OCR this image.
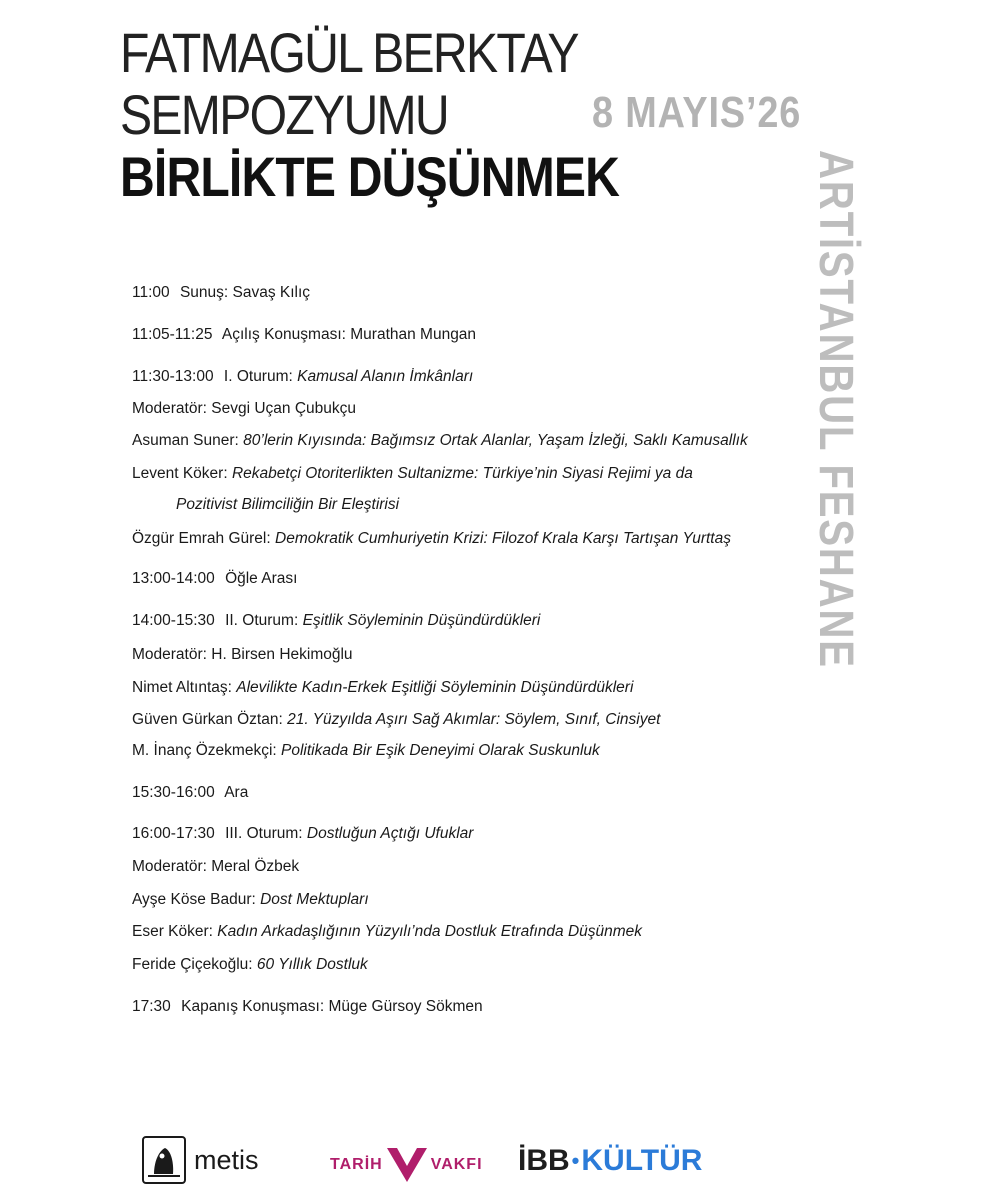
FATMAGÜL BERKTAY
SEMPOZYUMU
BİRLİKTE DÜŞÜNMEK
8 MAYIS’26
ARTİSTANBUL FESHANE
11:00 Sunuş: Savaş Kılıç
11:05-11:25 Açılış Konuşması: Murathan Mungan
11:30-13:00 I. Oturum: Kamusal Alanın İmkânları
Moderatör: Sevgi Uçan Çubukçu
Asuman Suner: 80’lerin Kıyısında: Bağımsız Ortak Alanlar, Yaşam İzleği, Saklı Kamusallık
Levent Köker: Rekabetçi Otoriterlikten Sultanizme: Türkiye’nin Siyasi Rejimi ya da
Pozitivist Bilimciliğin Bir Eleştirisi
Özgür Emrah Gürel: Demokratik Cumhuriyetin Krizi: Filozof Krala Karşı Tartışan Yurttaş
13:00-14:00 Öğle Arası
14:00-15:30 II. Oturum: Eşitlik Söyleminin Düşündürdükleri
Moderatör: H. Birsen Hekimoğlu
Nimet Altıntaş: Alevilikte Kadın-Erkek Eşitliği Söyleminin Düşündürdükleri
Güven Gürkan Öztan: 21. Yüzyılda Aşırı Sağ Akımlar: Söylem, Sınıf, Cinsiyet
M. İnanç Özekmekçi: Politikada Bir Eşik Deneyimi Olarak Suskunluk
15:30-16:00 Ara
16:00-17:30 III. Oturum: Dostluğun Açtığı Ufuklar
Moderatör: Meral Özbek
Ayşe Köse Badur: Dost Mektupları
Eser Köker: Kadın Arkadaşlığının Yüzyılı’nda Dostluk Etrafında Düşünmek
Feride Çiçekoğlu: 60 Yıllık Dostluk
17:30 Kapanış Konuşması: Müge Gürsoy Sökmen
metis	TARİH	VAKFI İBB • KÜLTÜR
